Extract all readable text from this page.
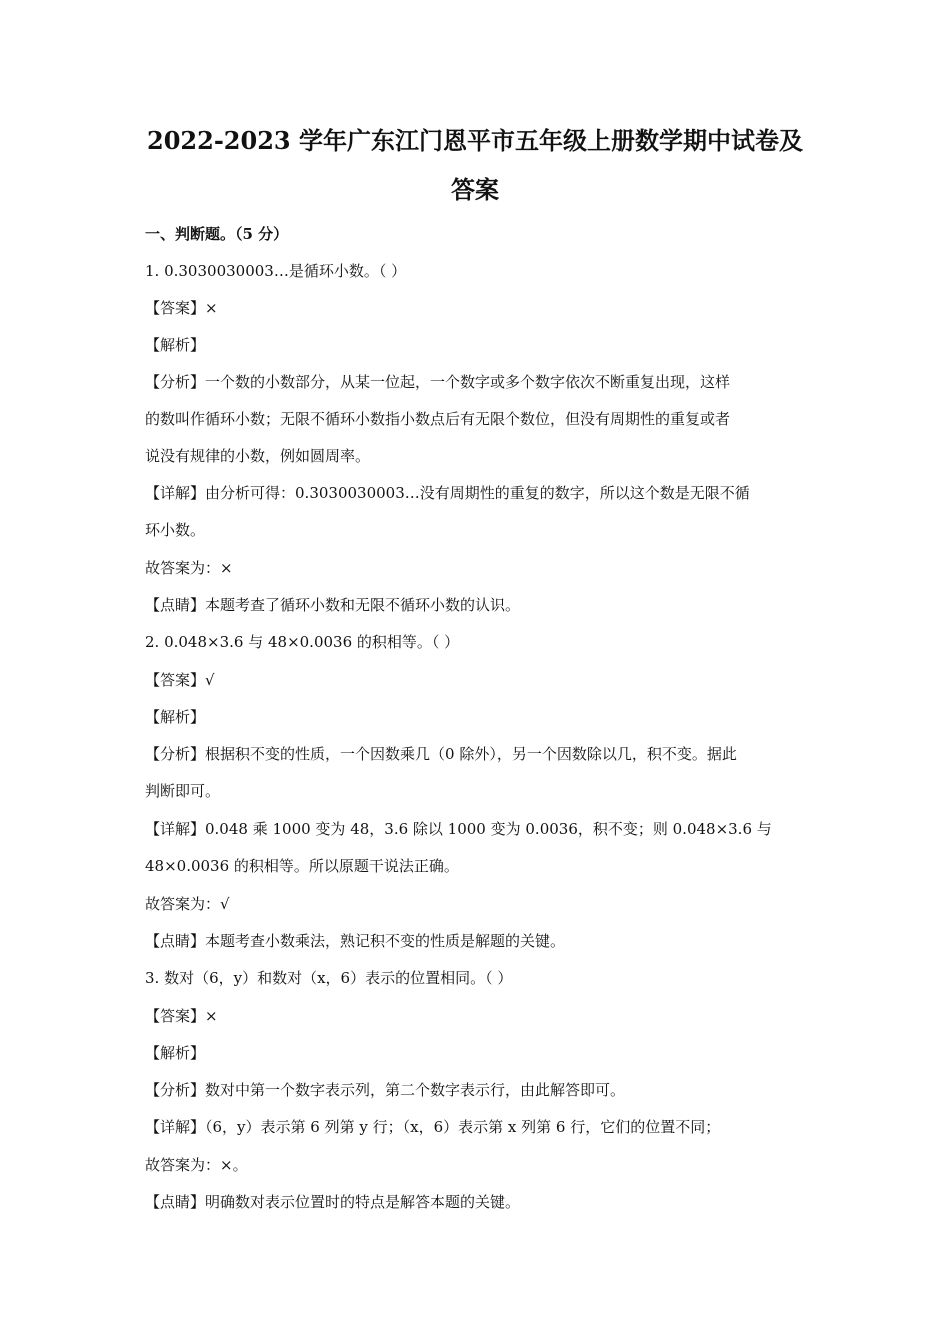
2022-2023 学年广东江门恩平市五年级上册数学期中试卷及
答案
一、判断题。（5 分）
1. 0.3030030003…是循环小数。（ ）
【答案】×
【解析】
【分析】一个数的小数部分，从某一位起，一个数字或多个数字依次不断重复出现，这样
的数叫作循环小数；无限不循环小数指小数点后有无限个数位，但没有周期性的重复或者
说没有规律的小数，例如圆周率。
【详解】由分析可得：0.3030030003…没有周期性的重复的数字，所以这个数是无限不循
环小数。
故答案为：×
【点睛】本题考查了循环小数和无限不循环小数的认识。
2. 0.048×3.6 与 48×0.0036 的积相等。（ ）
【答案】√
【解析】
【分析】根据积不变的性质，一个因数乘几（0 除外），另一个因数除以几，积不变。据此
判断即可。
【详解】0.048 乘 1000 变为 48，3.6 除以 1000 变为 0.0036，积不变；则 0.048×3.6 与
48×0.0036 的积相等。所以原题干说法正确。
故答案为：√
【点睛】本题考查小数乘法，熟记积不变的性质是解题的关键。
3. 数对（6，y）和数对（x，6）表示的位置相同。（ ）
【答案】×
【解析】
【分析】数对中第一个数字表示列，第二个数字表示行，由此解答即可。
【详解】（6，y）表示第 6 列第 y 行；（x，6）表示第 x 列第 6 行，它们的位置不同；
故答案为：×。
【点睛】明确数对表示位置时的特点是解答本题的关键。
